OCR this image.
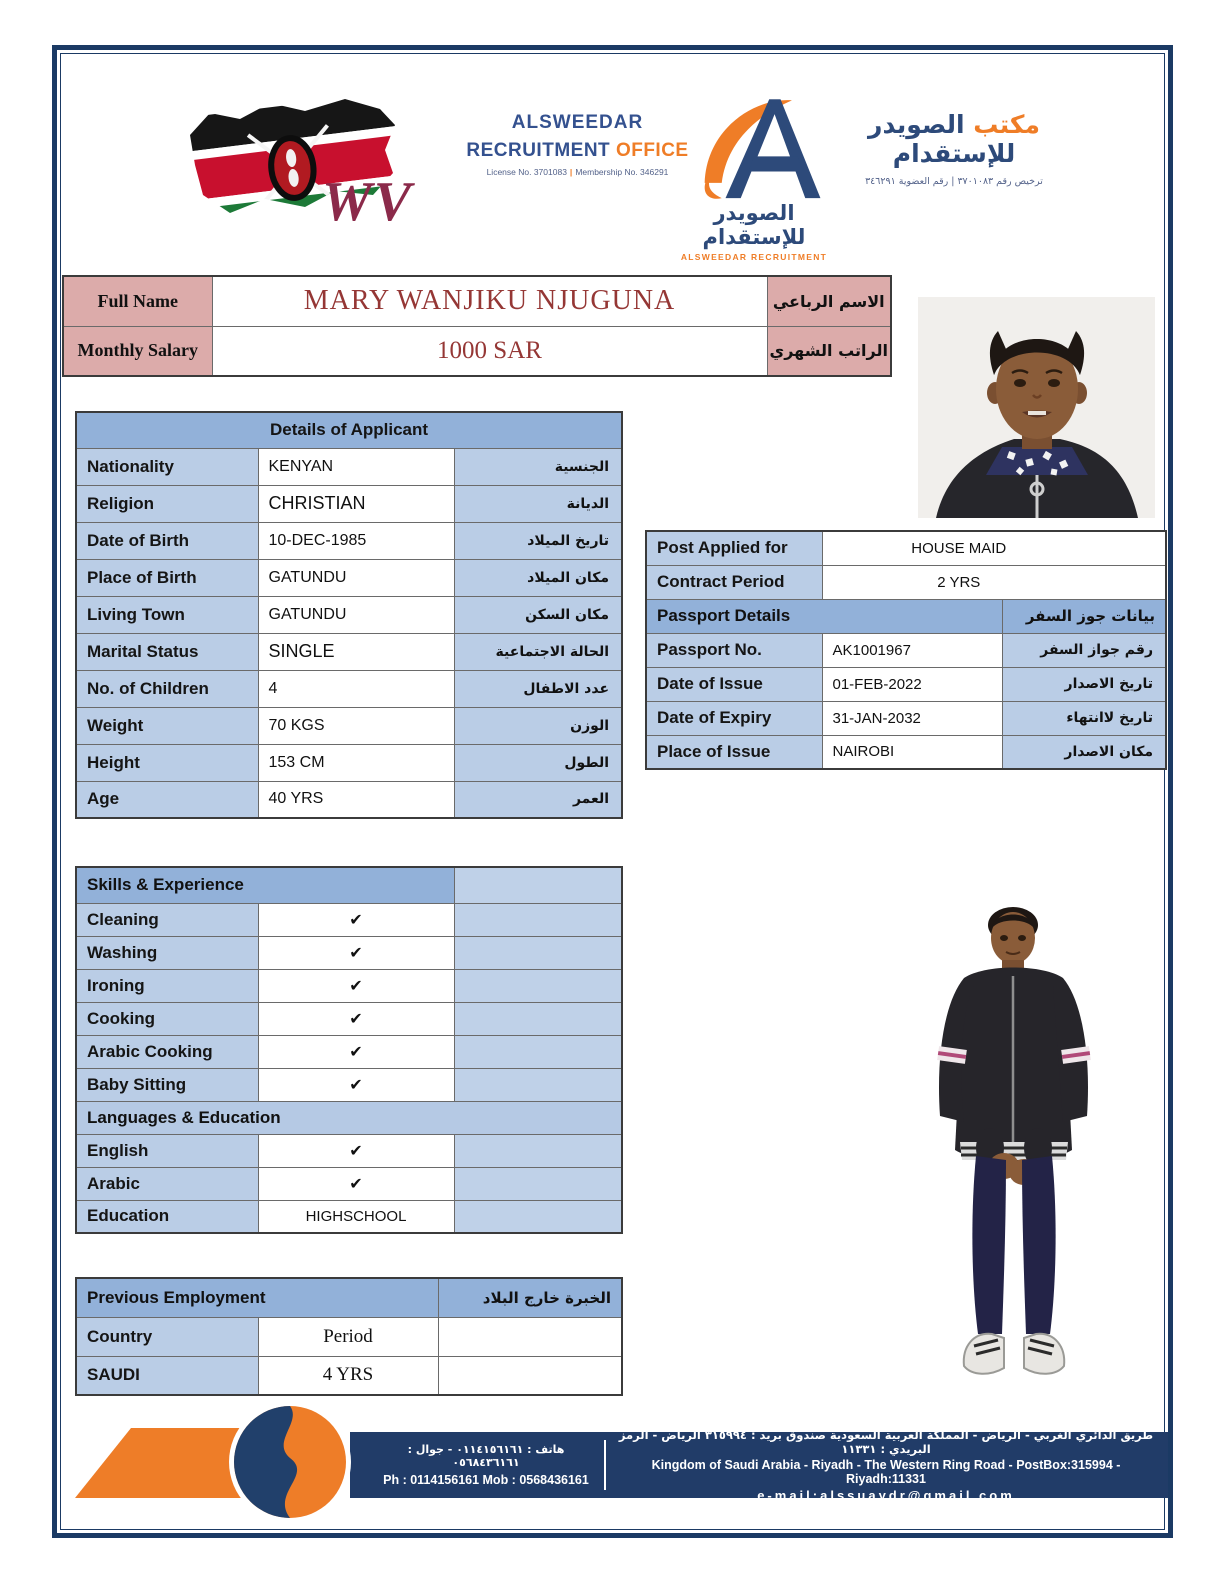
WV
ALSWEEDAR
RECRUITMENT OFFICE
License No. 3701083 | Membership No. 346291
الصويدر للإستقدام
ALSWEEDAR RECRUITMENT
مكتب الصويدر للإستقدام
ترخيص رقم ٣٧٠١٠٨٣ | رقم العضوية ٣٤٦٢٩١
Full Name	MARY WANJIKU NJUGUNA	الاسم الرباعي
Monthly Salary	1000 SAR	الراتب الشهري
Details of Applicant		
Nationality	KENYAN	الجنسية
Religion	CHRISTIAN	الديانة
Date of Birth	10-DEC-1985	تاريخ الميلاد
Place of Birth	GATUNDU	مكان الميلاد
Living Town	GATUNDU	مكان السكن
Marital Status	SINGLE	الحالة الاجتماعية
No. of Children	4	عدد الاطفال
Weight	70 KGS	الوزن
Height	153 CM	الطول
Age	40 YRS	العمر
Post Applied for	HOUSE MAID	
Contract Period	2 YRS	
Passport Details		بيانات جوز السفر
Passport No.	AK1001967	رقم جواز السفر
Date of Issue	01-FEB-2022	تاريخ الاصدار
Date of Expiry	31-JAN-2032	تاريخ لاانتهاء
Place of Issue	NAIROBI	مكان الاصدار
Skills & Experience		
Cleaning	✔	
Washing	✔	
Ironing	✔	
Cooking	✔	
Arabic Cooking	✔	
Baby Sitting	✔	
Languages & Education		
English	✔	
Arabic	✔	
Education	HIGHSCHOOL	
Previous Employment		الخبرة خارج البلاد
Country	Period	
SAUDI	4 YRS	
هاتف : ٠١١٤١٥٦١٦١ - جوال : ٠٥٦٨٤٣٦١٦١
Ph : 0114156161 Mob : 0568436161
طريق الدائري الغربي - الرياض - المملكة العربية السعودية صندوق بريد : ٣١٥٩٩٤ الرياض - الرمز البريدي : ١١٣٣١
Kingdom of Saudi Arabia - Riyadh - The Western Ring Road - PostBox:315994 - Riyadh:11331
e-mail:alssuaydr@gmail.com
